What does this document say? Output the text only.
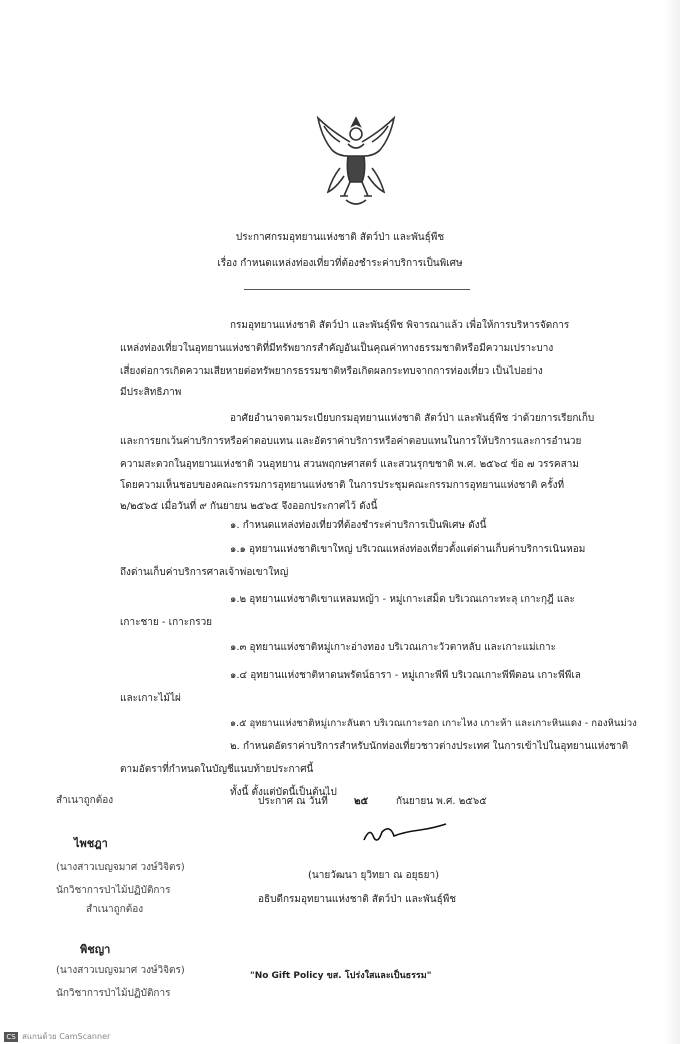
ประกาศกรมอุทยานแห่งชาติ สัตว์ป่า และพันธุ์พืช
เรื่อง กำหนดแหล่งท่องเที่ยวที่ต้องชำระค่าบริการเป็นพิเศษ
กรมอุทยานแห่งชาติ สัตว์ป่า และพันธุ์พืช พิจารณาแล้ว เพื่อให้การบริหารจัดการ
แหล่งท่องเที่ยวในอุทยานแห่งชาติที่มีทรัพยากรสำคัญอันเป็นคุณค่าทางธรรมชาติหรือมีความเปราะบาง
เสี่ยงต่อการเกิดความเสียหายต่อทรัพยากรธรรมชาติหรือเกิดผลกระทบจากการท่องเที่ยว เป็นไปอย่าง
มีประสิทธิภาพ
อาศัยอำนาจตามระเบียบกรมอุทยานแห่งชาติ สัตว์ป่า และพันธุ์พืช ว่าด้วยการเรียกเก็บ
และการยกเว้นค่าบริการหรือค่าตอบแทน และอัตราค่าบริการหรือค่าตอบแทนในการให้บริการและการอำนวย
ความสะดวกในอุทยานแห่งชาติ วนอุทยาน สวนพฤกษศาสตร์ และสวนรุกขชาติ พ.ศ. ๒๕๖๔ ข้อ ๗ วรรคสาม
โดยความเห็นชอบของคณะกรรมการอุทยานแห่งชาติ ในการประชุมคณะกรรมการอุทยานแห่งชาติ ครั้งที่
๒/๒๕๖๕ เมื่อวันที่ ๙ กันยายน ๒๕๖๕ จึงออกประกาศไว้ ดังนี้
๑. กำหนดแหล่งท่องเที่ยวที่ต้องชำระค่าบริการเป็นพิเศษ ดังนี้
๑.๑ อุทยานแห่งชาติเขาใหญ่ บริเวณแหล่งท่องเที่ยวตั้งแต่ด่านเก็บค่าบริการเนินหอม
ถึงด่านเก็บค่าบริการศาลเจ้าพ่อเขาใหญ่
๑.๒ อุทยานแห่งชาติเขาแหลมหญ้า - หมู่เกาะเสม็ด บริเวณเกาะทะลุ เกาะกุฎี และ
เกาะชาย - เกาะกรวย
๑.๓ อุทยานแห่งชาติหมู่เกาะอ่างทอง บริเวณเกาะวัวตาหลับ และเกาะแม่เกาะ
๑.๔ อุทยานแห่งชาติหาดนพรัตน์ธารา - หมู่เกาะพีพี บริเวณเกาะพีพีดอน เกาะพีพีเล
และเกาะไม้ไผ่
๑.๕ อุทยานแห่งชาติหมู่เกาะลันตา บริเวณเกาะรอก เกาะไหง เกาะห้า และเกาะหินแดง - กองหินม่วง
๒. กำหนดอัตราค่าบริการสำหรับนักท่องเที่ยวชาวต่างประเทศ ในการเข้าไปในอุทยานแห่งชาติ
ตามอัตราที่กำหนดในบัญชีแนบท้ายประกาศนี้
ทั้งนี้ ตั้งแต่บัดนี้เป็นต้นไป
สำเนาถูกต้อง
ไพชฎา
(นางสาวเบญจมาศ วงษ์วิจิตร)
นักวิชาการป่าไม้ปฏิบัติการ
สำเนาถูกต้อง
พิชญา
(นางสาวเบญจมาศ วงษ์วิจิตร)
นักวิชาการป่าไม้ปฏิบัติการ
ประกาศ ณ วันที่	๒๕	กันยายน พ.ศ. ๒๕๖๕
(นายวัฒนา ยุวิทยา ณ อยุธยา)
อธิบดีกรมอุทยานแห่งชาติ สัตว์ป่า และพันธุ์พืช
"No Gift Policy ขส. โปร่งใสและเป็นธรรม"
CS สแกนด้วย CamScanner
